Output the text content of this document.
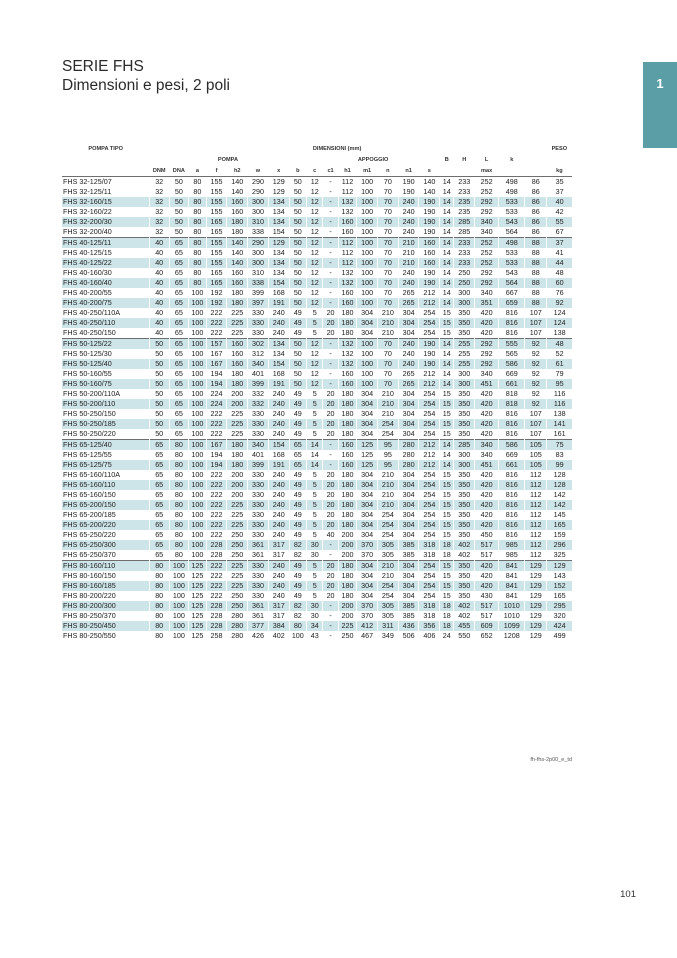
SERIE FHS
Dimensioni e pesi, 2 poli	1
POMPA TIPO	DIMENSIONI (mm)																				PESO
	POMPA								APPOGGIO							B	H	L	k		
	DNM	DNA	a	f	h2	w	x	b	c	c1	h1	m1	n	n1	s			max			kg
FHS 32-125/07	32	50	80	155	140	290	129	50	12	-	112	100	70	190	140	14	233	252	498	86	35
FHS 32-125/11	32	50	80	155	140	290	129	50	12	-	112	100	70	190	140	14	233	252	498	86	37
FHS 32-160/15	32	50	80	155	160	300	134	50	12	-	132	100	70	240	190	14	235	292	533	86	40
FHS 32-160/22	32	50	80	155	160	300	134	50	12	-	132	100	70	240	190	14	235	292	533	86	42
FHS 32-200/30	32	50	80	165	180	310	134	50	12	-	160	100	70	240	190	14	285	340	543	86	55
FHS 32-200/40	32	50	80	165	180	338	154	50	12	-	160	100	70	240	190	14	285	340	564	86	67
FHS 40-125/11	40	65	80	155	140	290	129	50	12	-	112	100	70	210	160	14	233	252	498	88	37
FHS 40-125/15	40	65	80	155	140	300	134	50	12	-	112	100	70	210	160	14	233	252	533	88	41
FHS 40-125/22	40	65	80	155	140	300	134	50	12	-	112	100	70	210	160	14	233	252	533	88	44
FHS 40-160/30	40	65	80	165	160	310	134	50	12	-	132	100	70	240	190	14	250	292	543	88	48
FHS 40-160/40	40	65	80	165	160	338	154	50	12	-	132	100	70	240	190	14	250	292	564	88	60
FHS 40-200/55	40	65	100	192	180	399	168	50	12	-	160	100	70	265	212	14	300	340	667	88	76
FHS 40-200/75	40	65	100	192	180	397	191	50	12	-	160	100	70	265	212	14	300	351	659	88	92
FHS 40-250/110A	40	65	100	222	225	330	240	49	5	20	180	304	210	304	254	15	350	420	816	107	124
FHS 40-250/110	40	65	100	222	225	330	240	49	5	20	180	304	210	304	254	15	350	420	816	107	124
FHS 40-250/150	40	65	100	222	225	330	240	49	5	20	180	304	210	304	254	15	350	420	816	107	138
FHS 50-125/22	50	65	100	157	160	302	134	50	12	-	132	100	70	240	190	14	255	292	555	92	48
FHS 50-125/30	50	65	100	167	160	312	134	50	12	-	132	100	70	240	190	14	255	292	565	92	52
FHS 50-125/40	50	65	100	167	160	340	154	50	12	-	132	100	70	240	190	14	255	292	586	92	61
FHS 50-160/55	50	65	100	194	180	401	168	50	12	-	160	100	70	265	212	14	300	340	669	92	79
FHS 50-160/75	50	65	100	194	180	399	191	50	12	-	160	100	70	265	212	14	300	451	661	92	95
FHS 50-200/110A	50	65	100	224	200	332	240	49	5	20	180	304	210	304	254	15	350	420	818	92	116
FHS 50-200/110	50	65	100	224	200	332	240	49	5	20	180	304	210	304	254	15	350	420	818	92	116
FHS 50-250/150	50	65	100	222	225	330	240	49	5	20	180	304	210	304	254	15	350	420	816	107	138
FHS 50-250/185	50	65	100	222	225	330	240	49	5	20	180	304	254	304	254	15	350	420	816	107	141
FHS 50-250/220	50	65	100	222	225	330	240	49	5	20	180	304	254	304	254	15	350	420	816	107	161
FHS 65-125/40	65	80	100	167	180	340	154	65	14	-	160	125	95	280	212	14	285	340	586	105	75
FHS 65-125/55	65	80	100	194	180	401	168	65	14	-	160	125	95	280	212	14	300	340	669	105	83
FHS 65-125/75	65	80	100	194	180	399	191	65	14	-	160	125	95	280	212	14	300	451	661	105	99
FHS 65-160/110A	65	80	100	222	200	330	240	49	5	20	180	304	210	304	254	15	350	420	816	112	128
FHS 65-160/110	65	80	100	222	200	330	240	49	5	20	180	304	210	304	254	15	350	420	816	112	128
FHS 65-160/150	65	80	100	222	200	330	240	49	5	20	180	304	210	304	254	15	350	420	816	112	142
FHS 65-200/150	65	80	100	222	225	330	240	49	5	20	180	304	210	304	254	15	350	420	816	112	142
FHS 65-200/185	65	80	100	222	225	330	240	49	5	20	180	304	254	304	254	15	350	420	816	112	145
FHS 65-200/220	65	80	100	222	225	330	240	49	5	20	180	304	254	304	254	15	350	420	816	112	165
FHS 65-250/220	65	80	100	222	250	330	240	49	5	40	200	304	254	304	254	15	350	450	816	112	159
FHS 65-250/300	65	80	100	228	250	361	317	82	30	-	200	370	305	385	318	18	402	517	985	112	296
FHS 65-250/370	65	80	100	228	250	361	317	82	30	-	200	370	305	385	318	18	402	517	985	112	325
FHS 80-160/110	80	100	125	222	225	330	240	49	5	20	180	304	210	304	254	15	350	420	841	129	129
FHS 80-160/150	80	100	125	222	225	330	240	49	5	20	180	304	210	304	254	15	350	420	841	129	143
FHS 80-160/185	80	100	125	222	225	330	240	49	5	20	180	304	254	304	254	15	350	420	841	129	152
FHS 80-200/220	80	100	125	222	250	330	240	49	5	20	180	304	254	304	254	15	350	430	841	129	165
FHS 80-200/300	80	100	125	228	250	361	317	82	30	-	200	370	305	385	318	18	402	517	1010	129	295
FHS 80-250/370	80	100	125	228	280	361	317	82	30	-	200	370	305	385	318	18	402	517	1010	129	320
FHS 80-250/450	80	100	125	228	280	377	384	80	34	-	225	412	311	436	356	18	455	609	1099	129	424
FHS 80-250/550	80	100	125	258	280	426	402	100	43	-	250	467	349	506	406	24	550	652	1208	129	499
fh-fhs-2p00_e_td
101
